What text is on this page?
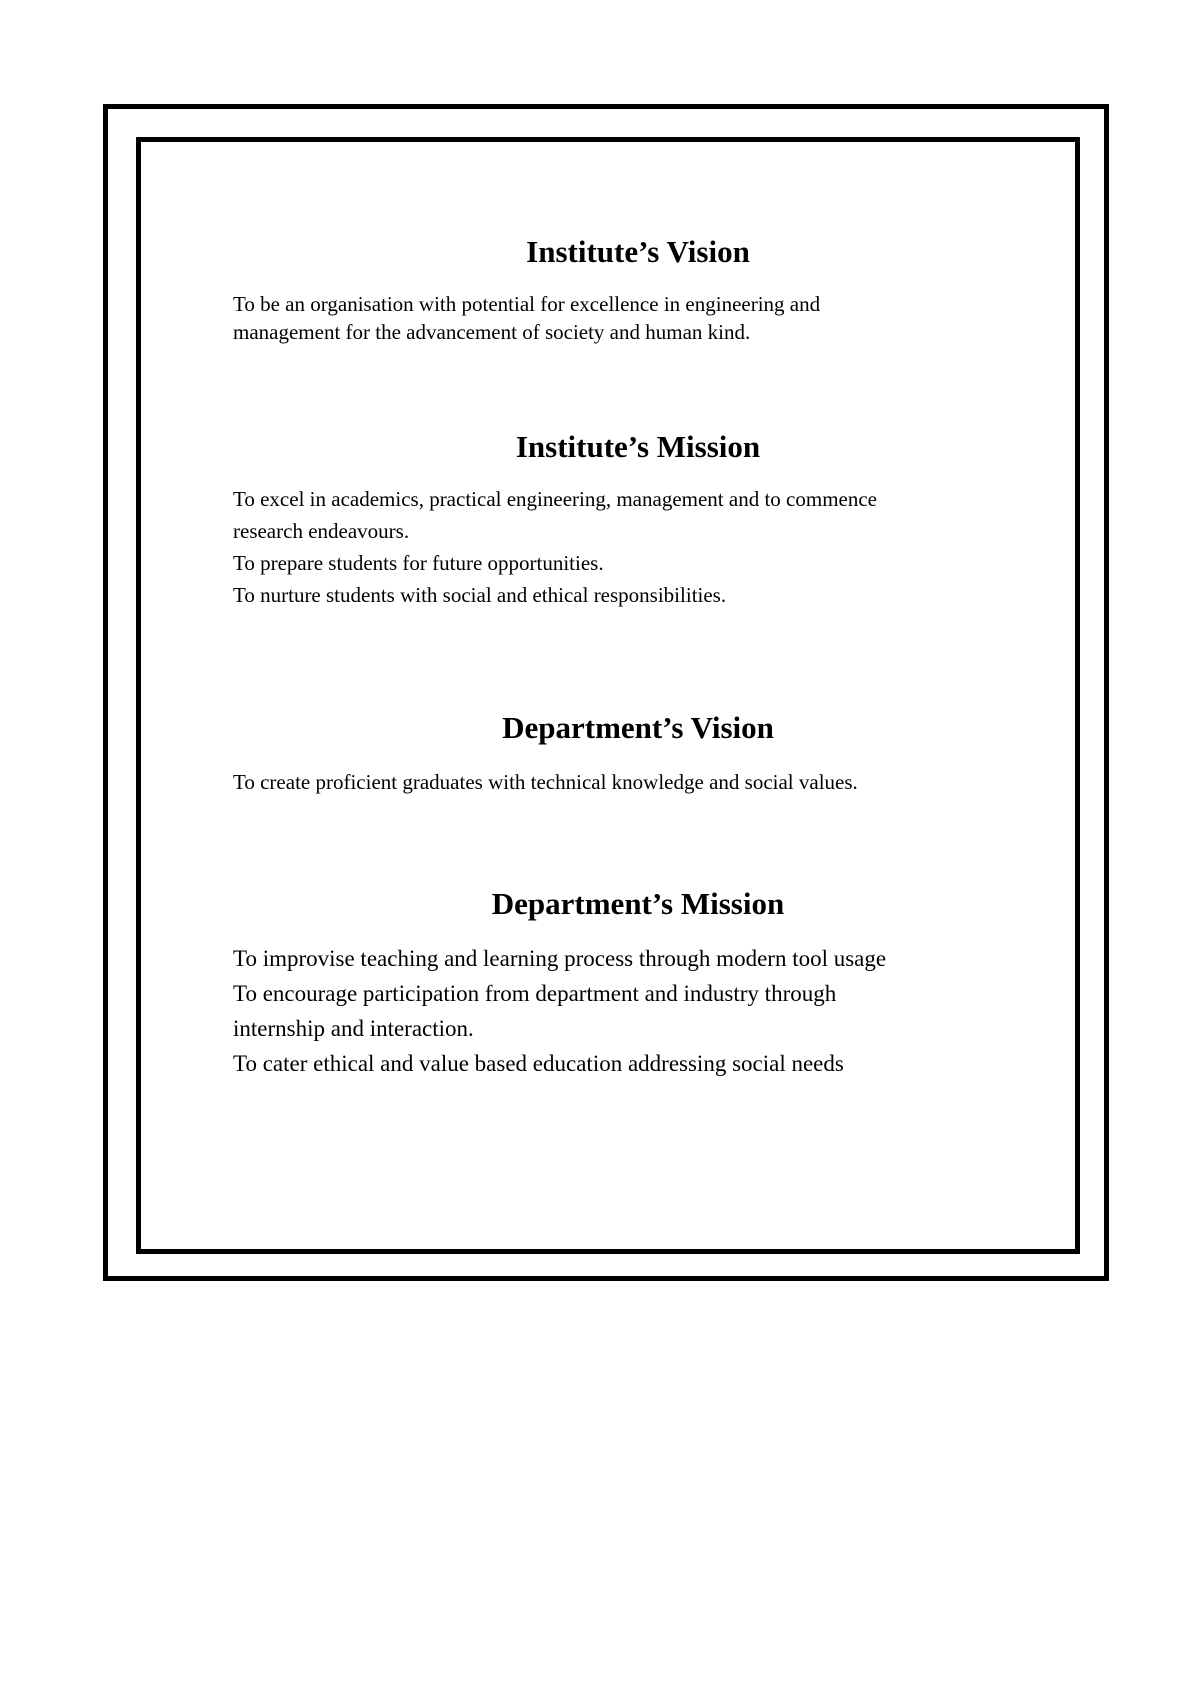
Institute’s Vision
To be an organisation with potential for excellence in engineering and
management for the advancement of society and human kind.
Institute’s Mission
To excel in academics, practical engineering, management and to commence
research endeavours.
To prepare students for future opportunities.
To nurture students with social and ethical responsibilities.
Department’s Vision
To create proficient graduates with technical knowledge and social values.
Department’s Mission
To improvise teaching and learning process through modern tool usage
To encourage participation from department and industry through
internship and interaction.
To cater ethical and value based education addressing social needs
